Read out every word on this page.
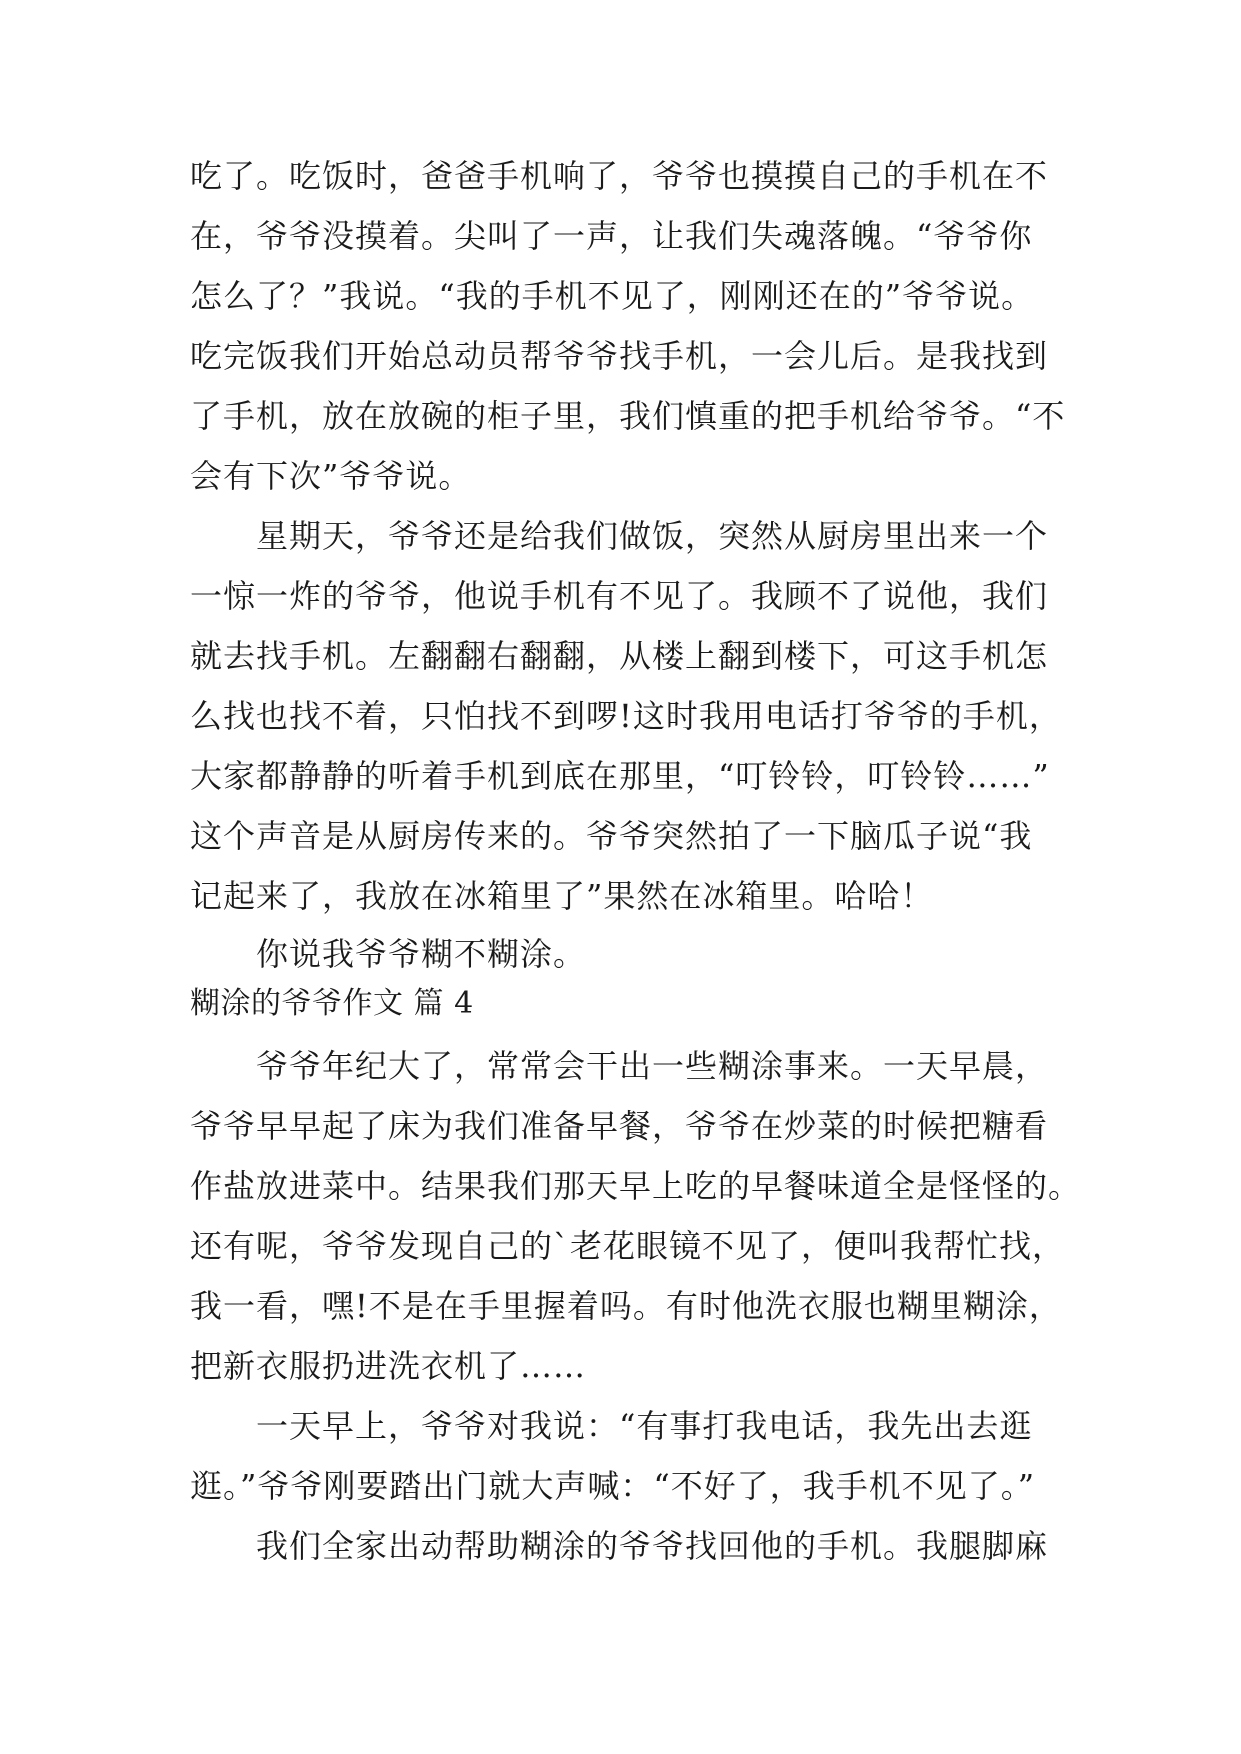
吃了。吃饭时，爸爸手机响了，爷爷也摸摸自己的手机在不
在，爷爷没摸着。尖叫了一声，让我们失魂落魄。“爷爷你
怎么了？”我说。“我的手机不见了，刚刚还在的”爷爷说。
吃完饭我们开始总动员帮爷爷找手机，一会儿后。是我找到
了手机，放在放碗的柜子里，我们慎重的把手机给爷爷。“不
会有下次”爷爷说。
星期天，爷爷还是给我们做饭，突然从厨房里出来一个
一惊一炸的爷爷，他说手机有不见了。我顾不了说他，我们
就去找手机。左翻翻右翻翻，从楼上翻到楼下，可这手机怎
么找也找不着，只怕找不到啰!这时我用电话打爷爷的手机，
大家都静静的听着手机到底在那里，“叮铃铃，叮铃铃……”
这个声音是从厨房传来的。爷爷突然拍了一下脑瓜子说“我
记起来了，我放在冰箱里了”果然在冰箱里。哈哈！
你说我爷爷糊不糊涂。
糊涂的爷爷作文 篇 4
爷爷年纪大了，常常会干出一些糊涂事来。一天早晨，
爷爷早早起了床为我们准备早餐，爷爷在炒菜的时候把糖看
作盐放进菜中。结果我们那天早上吃的早餐味道全是怪怪的。
还有呢，爷爷发现自己的`老花眼镜不见了，便叫我帮忙找，
我一看，嘿!不是在手里握着吗。有时他洗衣服也糊里糊涂，
把新衣服扔进洗衣机了……
一天早上，爷爷对我说：“有事打我电话，我先出去逛
逛。”爷爷刚要踏出门就大声喊：“不好了，我手机不见了。”
我们全家出动帮助糊涂的爷爷找回他的手机。我腿脚麻
